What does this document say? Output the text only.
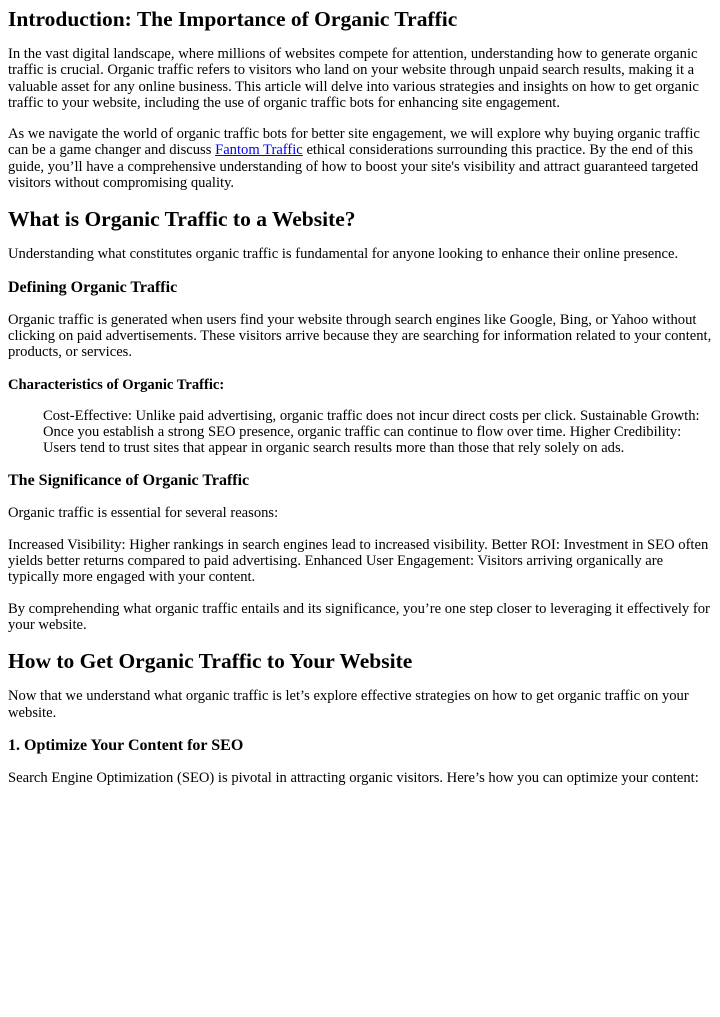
Introduction: The Importance of Organic Traffic

In the vast digital landscape, where millions of websites compete for attention, understanding how to generate organic traffic is crucial. Organic traffic refers to visitors who land on your website through unpaid search results, making it a valuable asset for any online business. This article will delve into various strategies and insights on how to get organic traffic to your website, including the use of organic traffic bots for enhancing site engagement.

As we navigate the world of organic traffic bots for better site engagement, we will explore why buying organic traffic can be a game changer and discuss Fantom Traffic ethical considerations surrounding this practice. By the end of this guide, you’ll have a comprehensive understanding of how to boost your site's visibility and attract guaranteed targeted visitors without compromising quality.

What is Organic Traffic to a Website?

Understanding what constitutes organic traffic is fundamental for anyone looking to enhance their online presence.

Defining Organic Traffic

Organic traffic is generated when users find your website through search engines like Google, Bing, or Yahoo without clicking on paid advertisements. These visitors arrive because they are searching for information related to your content, products, or services.

Characteristics of Organic Traffic:
Cost-Effective: Unlike paid advertising, organic traffic does not incur direct costs per click. Sustainable Growth: Once you establish a strong SEO presence, organic traffic can continue to flow over time. Higher Credibility: Users tend to trust sites that appear in organic search results more than those that rely solely on ads.
The Significance of Organic Traffic

Organic traffic is essential for several reasons:

Increased Visibility: Higher rankings in search engines lead to increased visibility. Better ROI: Investment in SEO often yields better returns compared to paid advertising. Enhanced User Engagement: Visitors arriving organically are typically more engaged with your content.

By comprehending what organic traffic entails and its significance, you’re one step closer to leveraging it effectively for your website.

How to Get Organic Traffic to Your Website

Now that we understand what organic traffic is let’s explore effective strategies on how to get organic traffic on your website.

1. Optimize Your Content for SEO

Search Engine Optimization (SEO) is pivotal in attracting organic visitors. Here’s how you can optimize your content:
